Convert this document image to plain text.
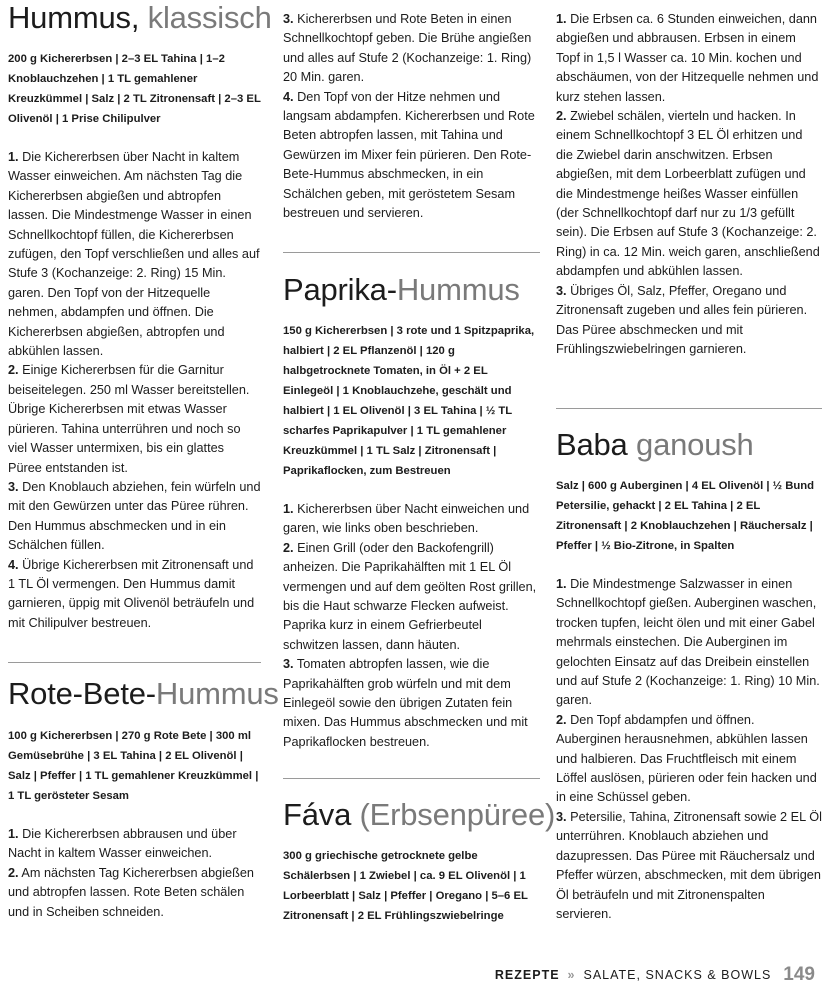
Hummus, klassisch

200 g Kichererbsen | 2–3 EL Tahina | 1–2 Knoblauchzehen | 1 TL gemahlener Kreuzkümmel | Salz | 2 TL Zitronensaft | 2–3 EL Olivenöl | 1 Prise Chilipulver

1. Die Kichererbsen über Nacht in kaltem Wasser einweichen. Am nächsten Tag die Kichererbsen abgießen und abtropfen lassen. Die Mindestmenge Wasser in einen Schnellkochtopf füllen, die Kichererbsen zufügen, den Topf verschließen und alles auf Stufe 3 (Kochanzeige: 2. Ring) 15 Min. garen. Den Topf von der Hitzequelle nehmen, abdampfen und öffnen. Die Kichererbsen abgießen, abtropfen und abkühlen lassen.

2. Einige Kichererbsen für die Garnitur beiseitelegen. 250 ml Wasser bereitstellen. Übrige Kichererbsen mit etwas Wasser pürieren. Tahina unterrühren und noch so viel Wasser untermixen, bis ein glattes Püree entstanden ist.

3. Den Knoblauch abziehen, fein würfeln und mit den Gewürzen unter das Püree rühren. Den Hummus abschmecken und in ein Schälchen füllen.

4. Übrige Kichererbsen mit Zitronensaft und 1 TL Öl vermengen. Den Hummus damit garnieren, üppig mit Olivenöl beträufeln und mit Chilipulver bestreuen.

Rote-Bete-Hummus

100 g Kichererbsen | 270 g Rote Bete | 300 ml Gemüsebrühe | 3 EL Tahina | 2 EL Olivenöl | Salz | Pfeffer | 1 TL gemahlener Kreuzkümmel | 1 TL gerösteter Sesam

1. Die Kichererbsen abbrausen und über Nacht in kaltem Wasser einweichen.

2. Am nächsten Tag Kichererbsen abgießen und abtropfen lassen. Rote Beten schälen und in Scheiben schneiden.

3. Kichererbsen und Rote Beten in einen Schnellkochtopf geben. Die Brühe angießen und alles auf Stufe 2 (Kochanzeige: 1. Ring) 20 Min. garen.

4. Den Topf von der Hitze nehmen und langsam abdampfen. Kichererbsen und Rote Beten abtropfen lassen, mit Tahina und Gewürzen im Mixer fein pürieren. Den Rote-Bete-Hummus abschmecken, in ein Schälchen geben, mit geröstetem Sesam bestreuen und servieren.

Paprika-Hummus

150 g Kichererbsen | 3 rote und 1 Spitzpaprika, halbiert | 2 EL Pflanzenöl | 120 g halbgetrocknete Tomaten, in Öl + 2 EL Einlegeöl | 1 Knoblauchzehe, geschält und halbiert | 1 EL Olivenöl | 3 EL Tahina | ½ TL scharfes Paprikapulver | 1 TL gemahlener Kreuzkümmel | 1 TL Salz | Zitronensaft | Paprikaflocken, zum Bestreuen

1. Kichererbsen über Nacht einweichen und garen, wie links oben beschrieben.

2. Einen Grill (oder den Backofengrill) anheizen. Die Paprikahälften mit 1 EL Öl vermengen und auf dem geölten Rost grillen, bis die Haut schwarze Flecken aufweist. Paprika kurz in einem Gefrierbeutel schwitzen lassen, dann häuten.

3. Tomaten abtropfen lassen, wie die Paprikahälften grob würfeln und mit dem Einlegeöl sowie den übrigen Zutaten fein mixen. Das Hummus abschmecken und mit Paprikaflocken bestreuen.

Fáva (Erbsenpüree)

300 g griechische getrocknete gelbe Schälerbsen | 1 Zwiebel | ca. 9 EL Olivenöl | 1 Lorbeerblatt | Salz | Pfeffer | Oregano | 5–6 EL Zitronensaft | 2 EL Frühlingszwiebelringe

1. Die Erbsen ca. 6 Stunden einweichen, dann abgießen und abbrausen. Erbsen in einem Topf in 1,5 l Wasser ca. 10 Min. kochen und abschäumen, von der Hitzequelle nehmen und kurz stehen lassen.

2. Zwiebel schälen, vierteln und hacken. In einem Schnellkochtopf 3 EL Öl erhitzen und die Zwiebel darin anschwitzen. Erbsen abgießen, mit dem Lorbeerblatt zufügen und die Mindestmenge heißes Wasser einfüllen (der Schnellkochtopf darf nur zu 1/3 gefüllt sein). Die Erbsen auf Stufe 3 (Kochanzeige: 2. Ring) in ca. 12 Min. weich garen, anschließend abdampfen und abkühlen lassen.

3. Übriges Öl, Salz, Pfeffer, Oregano und Zitronensaft zugeben und alles fein pürieren. Das Püree abschmecken und mit Frühlingszwiebelringen garnieren.

Baba ganoush

Salz | 600 g Auberginen | 4 EL Olivenöl | ½ Bund Petersilie, gehackt | 2 EL Tahina | 2 EL Zitronensaft | 2 Knoblauchzehen | Räuchersalz | Pfeffer | ½ Bio-Zitrone, in Spalten

1. Die Mindestmenge Salzwasser in einen Schnellkochtopf gießen. Auberginen waschen, trocken tupfen, leicht ölen und mit einer Gabel mehrmals einstechen. Die Auberginen im gelochten Einsatz auf das Dreibein einstellen und auf Stufe 2 (Kochanzeige: 1. Ring) 10 Min. garen.

2. Den Topf abdampfen und öffnen. Auberginen herausnehmen, abkühlen lassen und halbieren. Das Fruchtfleisch mit einem Löffel auslösen, pürieren oder fein hacken und in eine Schüssel geben.

3. Petersilie, Tahina, Zitronensaft sowie 2 EL Öl unterrühren. Knoblauch abziehen und dazupressen. Das Püree mit Räuchersalz und Pfeffer würzen, abschmecken, mit dem übrigen Öl beträufeln und mit Zitronenspalten servieren.

REZEPTE » SALATE, SNACKS & BOWLS 149
